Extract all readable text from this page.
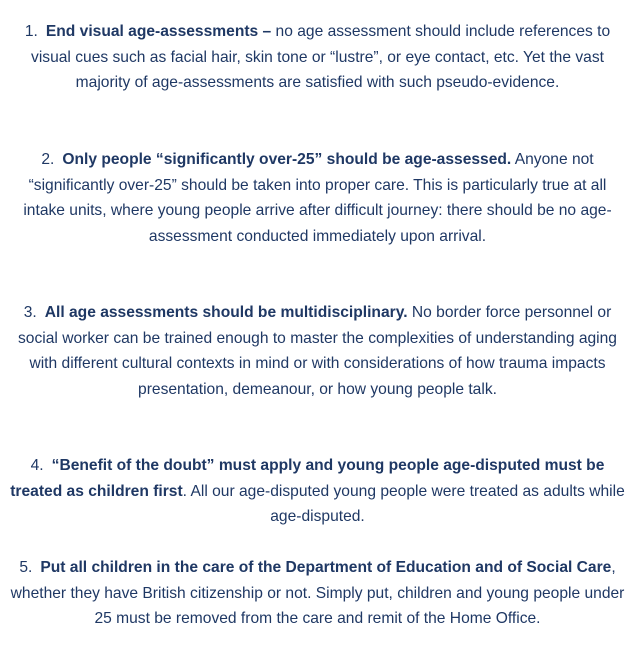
1. End visual age-assessments – no age assessment should include references to visual cues such as facial hair, skin tone or “lustre”, or eye contact, etc. Yet the vast majority of age-assessments are satisfied with such pseudo-evidence.
2. Only people “significantly over-25” should be age-assessed. Anyone not “significantly over-25” should be taken into proper care. This is particularly true at all intake units, where young people arrive after difficult journey: there should be no age-assessment conducted immediately upon arrival.
3. All age assessments should be multidisciplinary. No border force personnel or social worker can be trained enough to master the complexities of understanding aging with different cultural contexts in mind or with considerations of how trauma impacts presentation, demeanour, or how young people talk.
4. “Benefit of the doubt” must apply and young people age-disputed must be treated as children first. All our age-disputed young people were treated as adults while age-disputed.
5. Put all children in the care of the Department of Education and of Social Care, whether they have British citizenship or not. Simply put, children and young people under 25 must be removed from the care and remit of the Home Office.
